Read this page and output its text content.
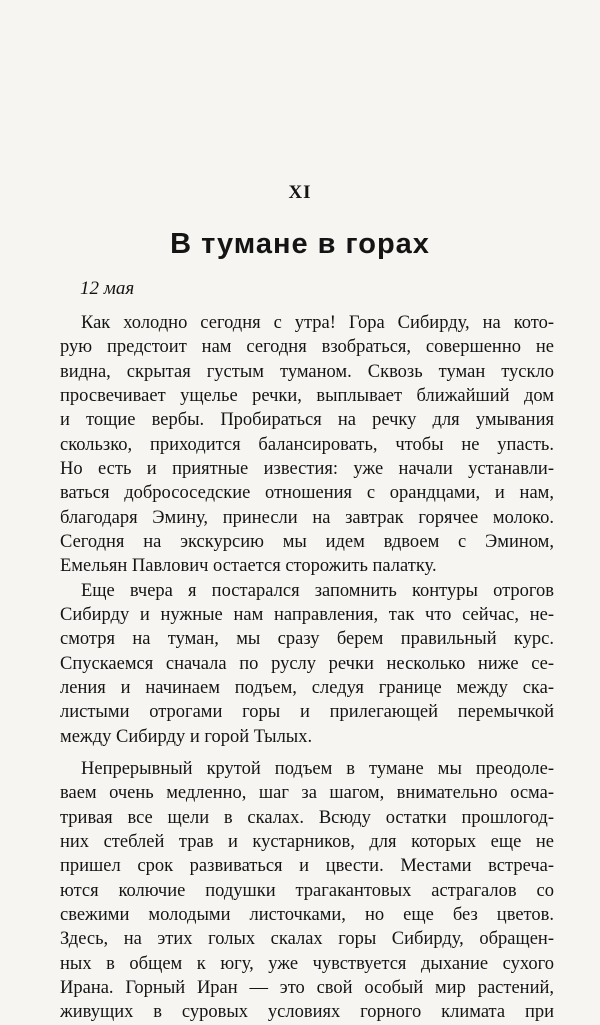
XI
В тумане в горах
12 мая
Как холодно сегодня с утра! Гора Сибирду, на кото-
рую предстоит нам сегодня взобраться, совершенно не
видна, скрытая густым туманом. Сквозь туман тускло
просвечивает ущелье речки, выплывает ближайший дом
и тощие вербы. Пробираться на речку для умывания
скользко, приходится балансировать, чтобы не упасть.
Но есть и приятные известия: уже начали устанавли-
ваться добрососедские отношения с орандцами, и нам,
благодаря Эмину, принесли на завтрак горячее молоко.
Сегодня на экскурсию мы идем вдвоем с Эмином,
Емельян Павлович остается сторожить палатку.
Еще вчера я постарался запомнить контуры отрогов
Сибирду и нужные нам направления, так что сейчас, не-
смотря на туман, мы сразу берем правильный курс.
Спускаемся сначала по руслу речки несколько ниже се-
ления и начинаем подъем, следуя границе между ска-
листыми отрогами горы и прилегающей перемычкой
между Сибирду и горой Тылых.
Непрерывный крутой подъем в тумане мы преодоле-
ваем очень медленно, шаг за шагом, внимательно осма-
тривая все щели в скалах. Всюду остатки прошлогод-
них стеблей трав и кустарников, для которых еще не
пришел срок развиваться и цвести. Местами встреча-
ются колючие подушки трагакантовых астрагалов со
свежими молодыми листочками, но еще без цветов.
Здесь, на этих голых скалах горы Сибирду, обращен-
ных в общем к югу, уже чувствуется дыхание сухого
Ирана. Горный Иран — это свой особый мир растений,
живущих в суровых условиях горного климата при
